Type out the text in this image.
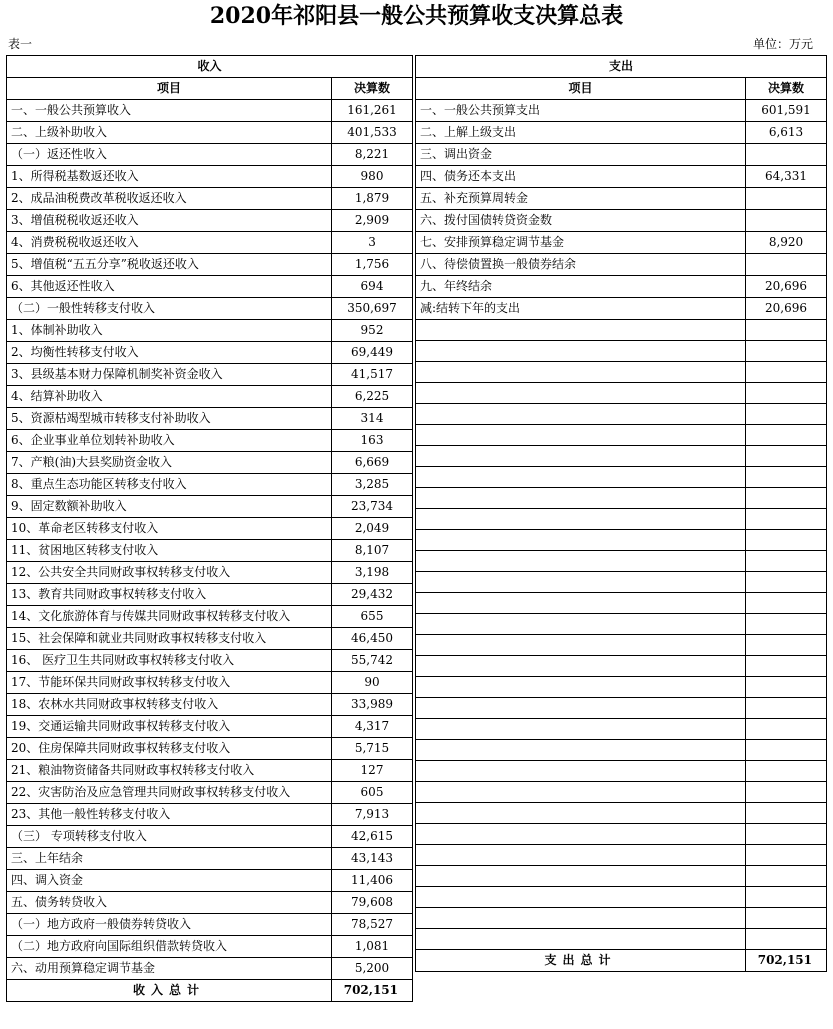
2020年祁阳县一般公共预算收支决算总表
表一	单位：万元
收入	
项目	决算数
一、一般公共预算收入	161,261
二、上级补助收入	401,533
（一）返还性收入	8,221
1、所得税基数返还收入	980
2、成品油税费改革税收返还收入	1,879
3、增值税税收返还收入	2,909
4、消费税税收返还收入	3
5、增值税“五五分享”税收返还收入	1,756
6、其他返还性收入	694
（二）一般性转移支付收入	350,697
1、体制补助收入	952
2、均衡性转移支付收入	69,449
3、县级基本财力保障机制奖补资金收入	41,517
4、结算补助收入	6,225
5、资源枯竭型城市转移支付补助收入	314
6、企业事业单位划转补助收入	163
7、产粮(油)大县奖励资金收入	6,669
8、重点生态功能区转移支付收入	3,285
9、固定数额补助收入	23,734
10、革命老区转移支付收入	2,049
11、贫困地区转移支付收入	8,107
12、公共安全共同财政事权转移支付收入	3,198
13、教育共同财政事权转移支付收入	29,432
14、文化旅游体育与传媒共同财政事权转移支付收入	655
15、社会保障和就业共同财政事权转移支付收入	46,450
16、 医疗卫生共同财政事权转移支付收入	55,742
17、节能环保共同财政事权转移支付收入	90
18、农林水共同财政事权转移支付收入	33,989
19、交通运输共同财政事权转移支付收入	4,317
20、住房保障共同财政事权转移支付收入	5,715
21、粮油物资储备共同财政事权转移支付收入	127
22、灾害防治及应急管理共同财政事权转移支付收入	605
23、其他一般性转移支付收入	7,913
（三） 专项转移支付收入	42,615
三、上年结余	43,143
四、调入资金	11,406
五、债务转贷收入	79,608
（一）地方政府一般债券转贷收入	78,527
（二）地方政府向国际组织借款转贷收入	1,081
六、动用预算稳定调节基金	5,200
收入总计	702,151
支出	
项目	决算数
一、一般公共预算支出	601,591
二、上解上级支出	6,613
三、调出资金	
四、债务还本支出	64,331
五、补充预算周转金	
六、拨付国债转贷资金数	
七、安排预算稳定调节基金	8,920
八、待偿债置换一般债券结余	
九、年终结余	20,696
减:结转下年的支出	20,696

支出总计	702,151
